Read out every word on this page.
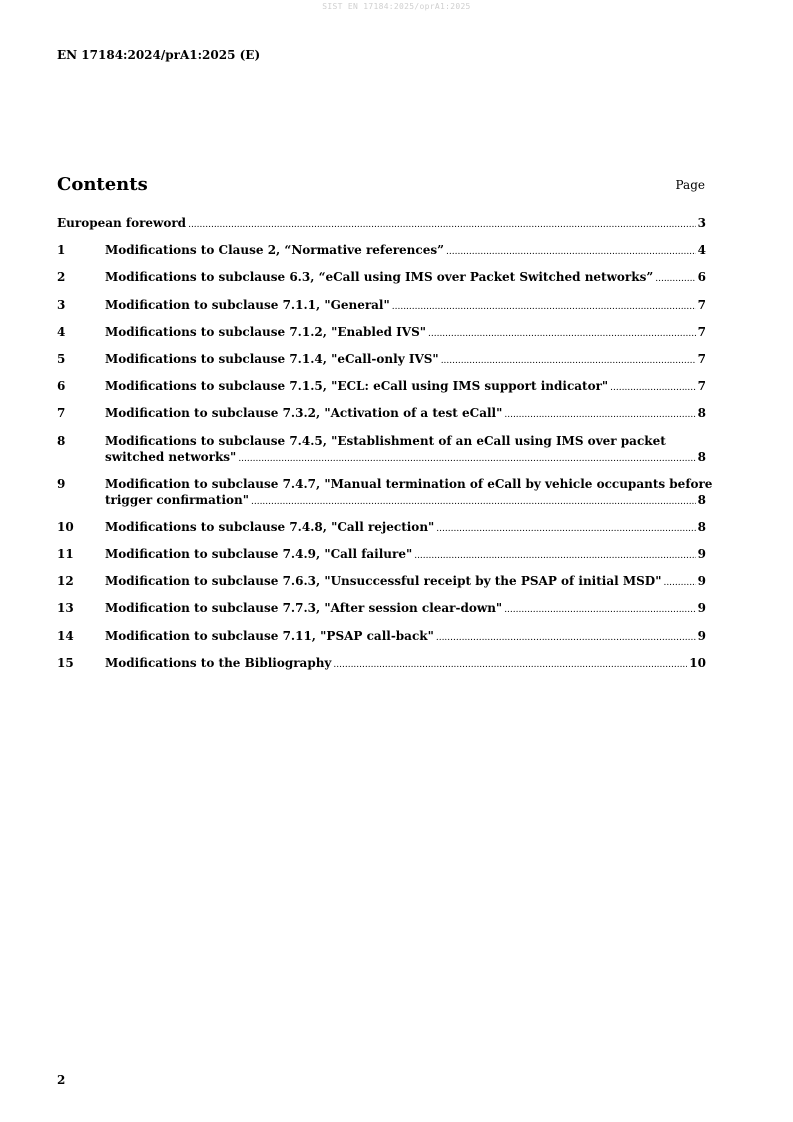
SIST EN 17184:2025/oprA1:2025
EN 17184:2024/prA1:2025 (E)
Contents	Page
European foreword .....	3
1	Modifications to Clause 2, “Normative references” .....	4
2	Modifications to subclause 6.3, “eCall using IMS over Packet Switched networks” .....	6
3	Modification to subclause 7.1.1, "General" .....	7
4	Modifications to subclause 7.1.2, "Enabled IVS" .....	7
5	Modifications to subclause 7.1.4, "eCall-only IVS" .....	7
6	Modifications to subclause 7.1.5, "ECL: eCall using IMS support indicator" .....	7
7	Modification to subclause 7.3.2, "Activation of a test eCall" .....	8
8	Modifications to subclause 7.4.5, "Establishment of an eCall using IMS over packet
switched networks" .....	8
9	Modification to subclause 7.4.7, "Manual termination of eCall by vehicle occupants before
trigger confirmation" .....	8
10	Modifications to subclause 7.4.8, "Call rejection" .....	8
11	Modification to subclause 7.4.9, "Call failure" .....	9
12	Modification to subclause 7.6.3, "Unsuccessful receipt by the PSAP of initial MSD" .....	9
13	Modification to subclause 7.7.3, "After session clear-down" .....	9
14	Modification to subclause 7.11, "PSAP call-back" .....	9
15	Modifications to the Bibliography .....	10
2
